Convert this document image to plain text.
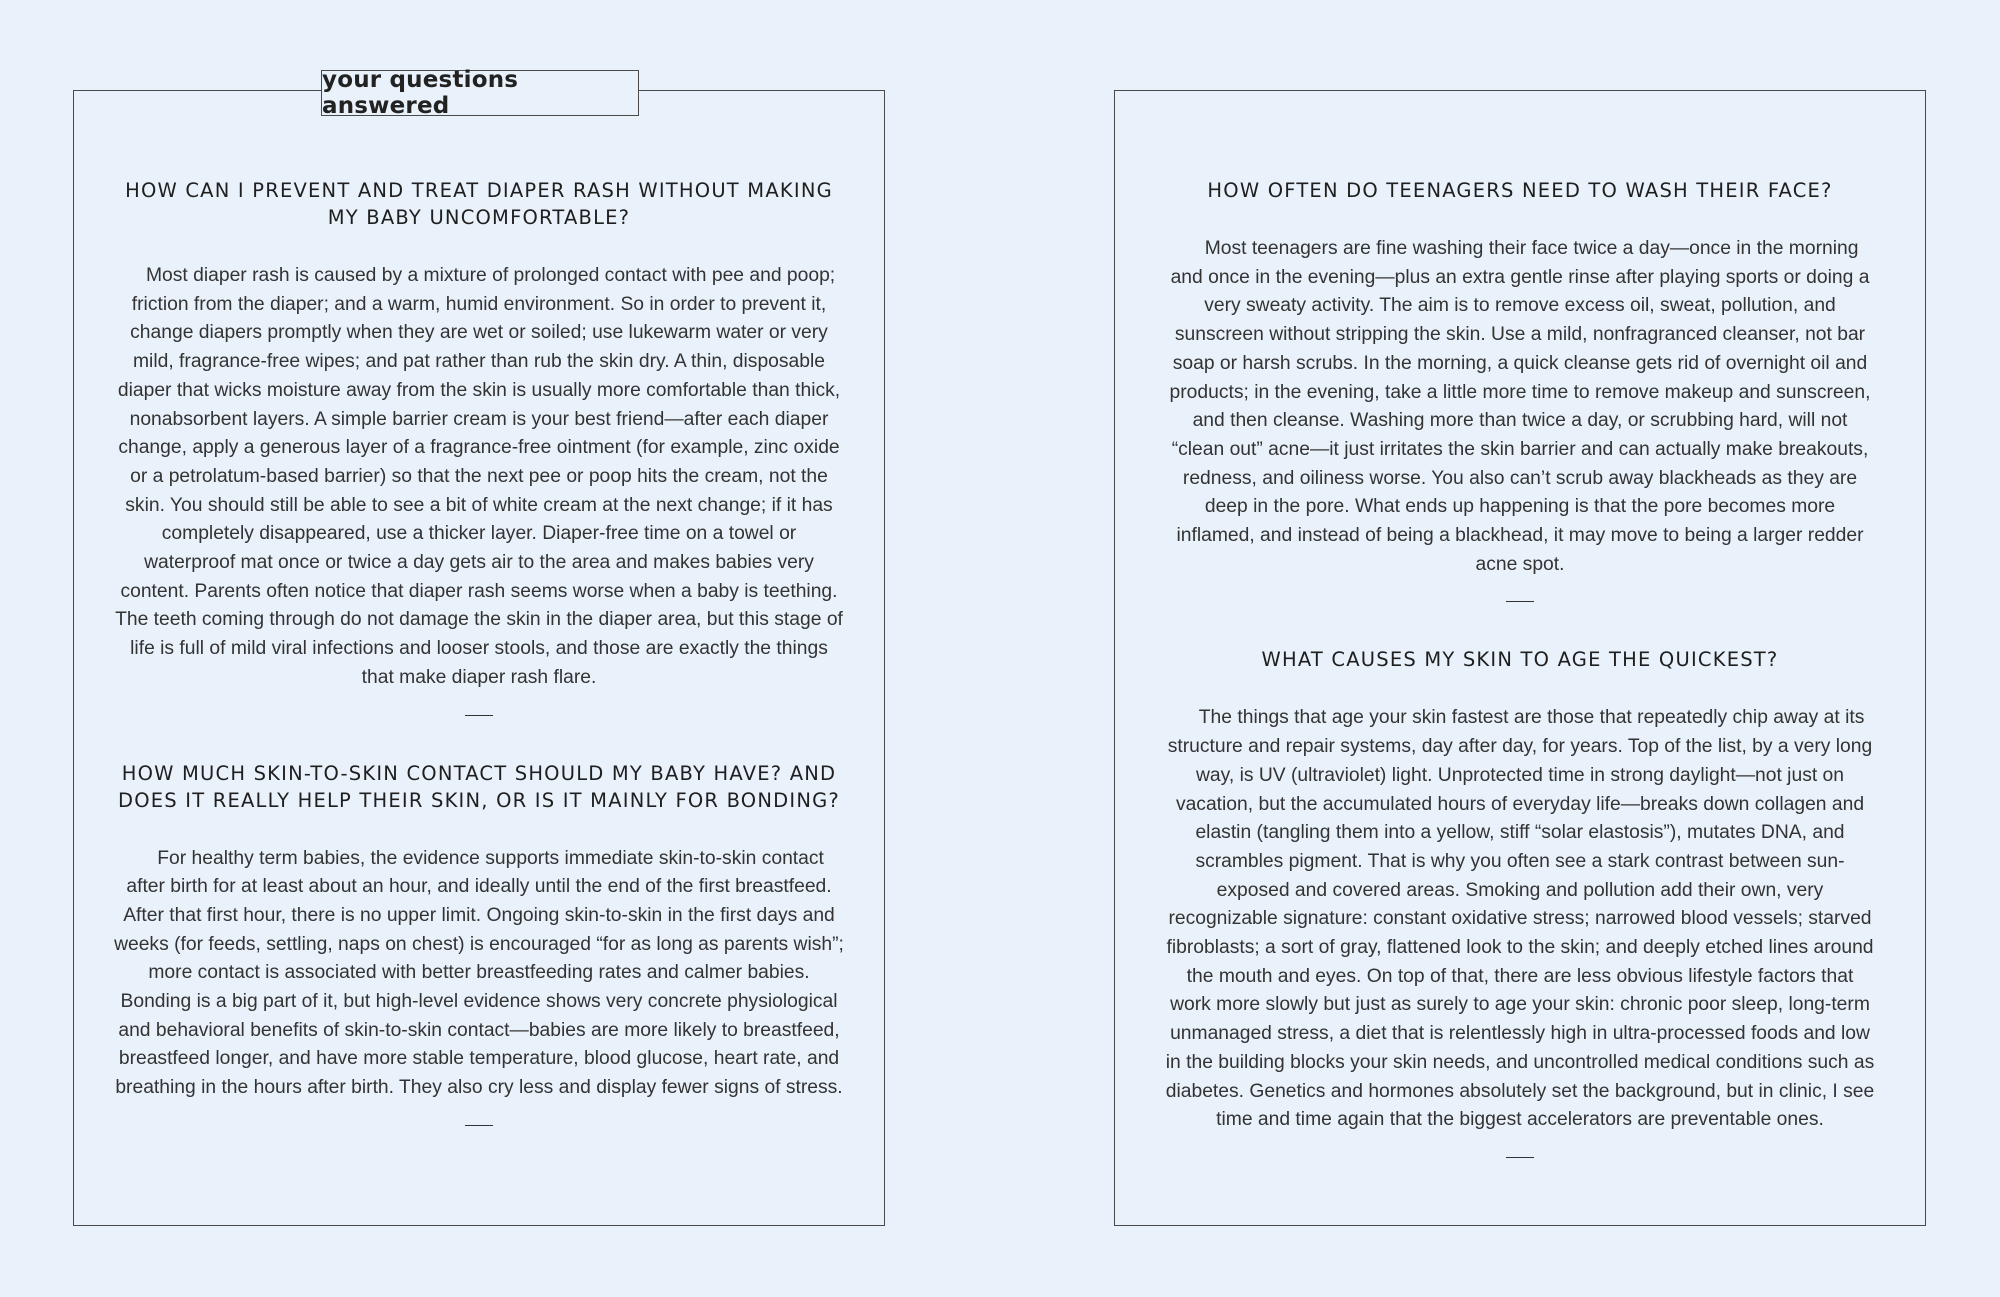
HOW CAN I PREVENT AND TREAT DIAPER RASH WITHOUT MAKING MY BABY UNCOMFORTABLE?

Most diaper rash is caused by a mixture of prolonged contact with pee and poop; friction from the diaper; and a warm, humid environment. So in order to prevent it, change diapers promptly when they are wet or soiled; use lukewarm water or very mild, fragrance-free wipes; and pat rather than rub the skin dry. A thin, disposable diaper that wicks moisture away from the skin is usually more comfortable than thick, nonabsorbent layers. A simple barrier cream is your best friend—after each diaper change, apply a generous layer of a fragrance-free ointment (for example, zinc oxide or a petrolatum-based barrier) so that the next pee or poop hits the cream, not the skin. You should still be able to see a bit of white cream at the next change; if it has completely disappeared, use a thicker layer. Diaper-free time on a towel or waterproof mat once or twice a day gets air to the area and makes babies very content. Parents often notice that diaper rash seems worse when a baby is teething. The teeth coming through do not damage the skin in the diaper area, but this stage of life is full of mild viral infections and looser stools, and those are exactly the things that make diaper rash flare.

HOW MUCH SKIN-TO-SKIN CONTACT SHOULD MY BABY HAVE? AND DOES IT REALLY HELP THEIR SKIN, OR IS IT MAINLY FOR BONDING?

For healthy term babies, the evidence supports immediate skin-to-skin contact after birth for at least about an hour, and ideally until the end of the first breastfeed. After that first hour, there is no upper limit. Ongoing skin-to-skin in the first days and weeks (for feeds, settling, naps on chest) is encouraged “for as long as parents wish”; more contact is associated with better breastfeeding rates and calmer babies. Bonding is a big part of it, but high-level evidence shows very concrete physiological and behavioral benefits of skin-to-skin contact—babies are more likely to breastfeed, breastfeed longer, and have more stable temperature, blood glucose, heart rate, and breathing in the hours after birth. They also cry less and display fewer signs of stress.

your questions answered
HOW OFTEN DO TEENAGERS NEED TO WASH THEIR FACE?

Most teenagers are fine washing their face twice a day—once in the morning and once in the evening—plus an extra gentle rinse after playing sports or doing a very sweaty activity. The aim is to remove excess oil, sweat, pollution, and sunscreen without stripping the skin. Use a mild, nonfragranced cleanser, not bar soap or harsh scrubs. In the morning, a quick cleanse gets rid of overnight oil and products; in the evening, take a little more time to remove makeup and sunscreen, and then cleanse. Washing more than twice a day, or scrubbing hard, will not “clean out” acne—it just irritates the skin barrier and can actually make breakouts, redness, and oiliness worse. You also can’t scrub away blackheads as they are deep in the pore. What ends up happening is that the pore becomes more inflamed, and instead of being a blackhead, it may move to being a larger redder acne spot.

WHAT CAUSES MY SKIN TO AGE THE QUICKEST?

The things that age your skin fastest are those that repeatedly chip away at its structure and repair systems, day after day, for years. Top of the list, by a very long way, is UV (ultraviolet) light. Unprotected time in strong daylight—not just on vacation, but the accumulated hours of everyday life—breaks down collagen and elastin (tangling them into a yellow, stiff “solar elastosis”), mutates DNA, and scrambles pigment. That is why you often see a stark contrast between sun-exposed and covered areas. Smoking and pollution add their own, very recognizable signature: constant oxidative stress; narrowed blood vessels; starved fibroblasts; a sort of gray, flattened look to the skin; and deeply etched lines around the mouth and eyes. On top of that, there are less obvious lifestyle factors that work more slowly but just as surely to age your skin: chronic poor sleep, long-term unmanaged stress, a diet that is relentlessly high in ultra-processed foods and low in the building blocks your skin needs, and uncontrolled medical conditions such as diabetes. Genetics and hormones absolutely set the background, but in clinic, I see time and time again that the biggest accelerators are preventable ones.
